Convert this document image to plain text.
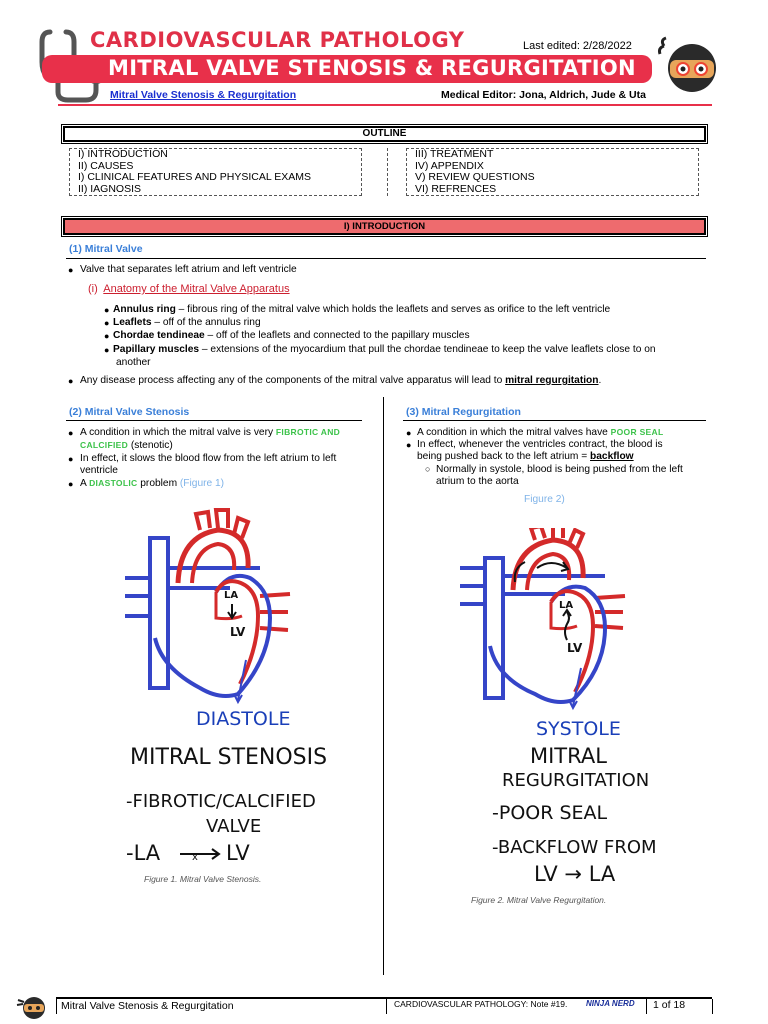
CARDIOVASCULAR PATHOLOGY	Last edited: 2/28/2022
MITRAL VALVE STENOSIS & REGURGITATION
Mitral Valve Stenosis & Regurgitation	Medical Editor: Jona, Aldrich, Jude & Uta
OUTLINE
I) INTRODUCTION
II) CAUSES
I) CLINICAL FEATURES AND PHYSICAL EXAMS
II) IAGNOSIS
III) TREATMENT
IV) APPENDIX
V) REVIEW QUESTIONS
VI) REFRENCES
I) INTRODUCTION
(1) Mitral Valve
● Valve that separates left atrium and left ventricle
(i) Anatomy of the Mitral Valve Apparatus
● Annulus ring – fibrous ring of the mitral valve which holds the leaflets and serves as orifice to the left ventricle
● Leaflets – off of the annulus ring
● Chordae tendineae – off of the leaflets and connected to the papillary muscles
● Papillary muscles – extensions of the myocardium that pull the chordae tendineae to keep the valve leaflets close to on
another
● Any disease process affecting any of the components of the mitral valve apparatus will lead to mitral regurgitation.
(2) Mitral Valve Stenosis
● A condition in which the mitral valve is very FIBROTIC AND
CALCIFIED (stenotic)
● In effect, it slows the blood flow from the left atrium to left
ventricle
● A DIASTOLIC problem (Figure 1)
LA
LV
DIASTOLE
MITRAL STENOSIS
-FIBROTIC/CALCIFIED
VALVE
-LA	x LV
Figure 1. Mitral Valve Stenosis.
(3) Mitral Regurgitation
● A condition in which the mitral valves have POOR SEAL
● In effect, whenever the ventricles contract, the blood is
being pushed back to the left atrium = backflow
○ Normally in systole, blood is being pushed from the left
atrium to the aorta
Figure 2)
LA
LV
SYSTOLE
MITRAL
REGURGITATION
-POOR SEAL
-BACKFLOW FROM
LV → LA
Figure 2. Mitral Valve Regurgitation.
Mitral Valve Stenosis & Regurgitation	CARDIOVASCULAR PATHOLOGY: Note #19. NINJA NERD 1 of 18
